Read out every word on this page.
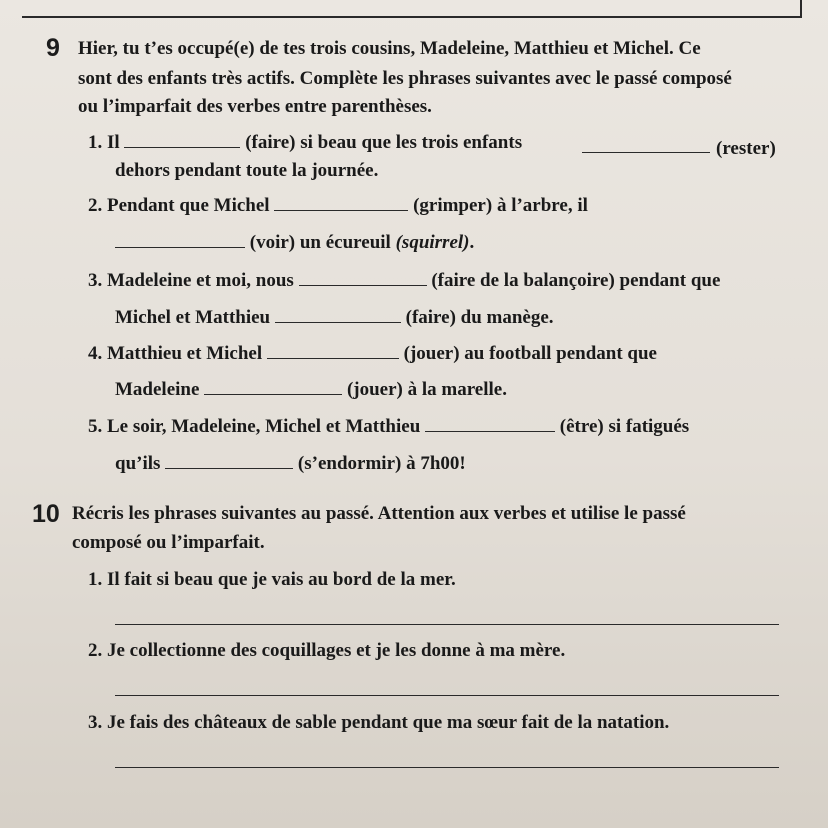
9 Hier, tu t’es occupé(e) de tes trois cousins, Madeleine, Matthieu et Michel. Ce
sont des enfants très actifs. Complète les phrases suivantes avec le passé composé
ou l’imparfait des verbes entre parenthèses.
1. Il	(faire) si beau que les trois enfants	(rester)
dehors pendant toute la journée.
2. Pendant que Michel	(grimper) à l’arbre, il
(voir) un écureuil (squirrel).
3. Madeleine et moi, nous	(faire de la balançoire) pendant que
Michel et Matthieu	(faire) du manège.
4. Matthieu et Michel	(jouer) au football pendant que
Madeleine	(jouer) à la marelle.
5. Le soir, Madeleine, Michel et Matthieu	(être) si fatigués
qu’ils	(s’endormir) à 7h00!
10 Récris les phrases suivantes au passé. Attention aux verbes et utilise le passé
composé ou l’imparfait.
1. Il fait si beau que je vais au bord de la mer.
2. Je collectionne des coquillages et je les donne à ma mère.
3. Je fais des châteaux de sable pendant que ma sœur fait de la natation.
